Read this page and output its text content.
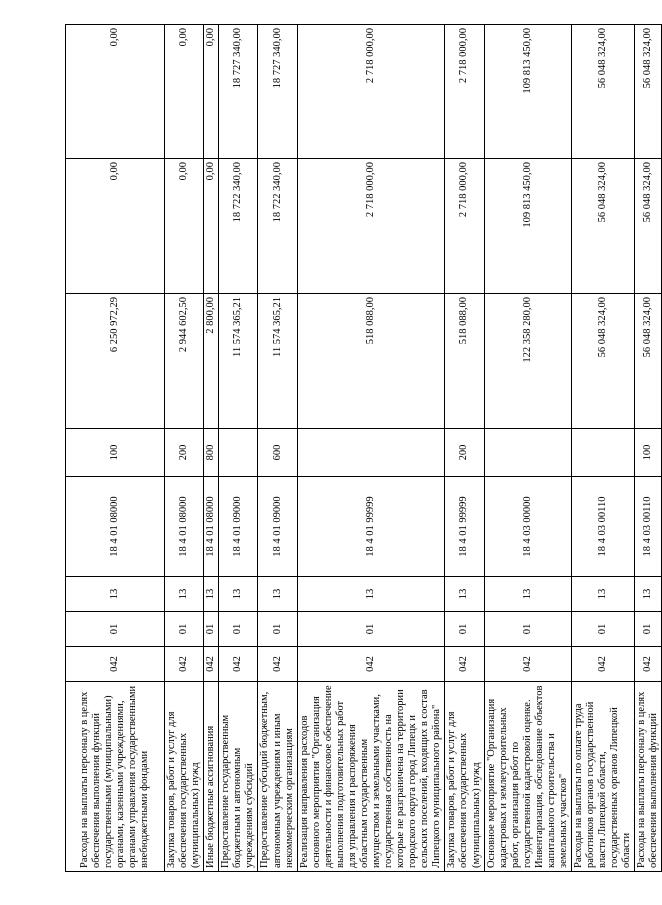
Расходы на выплаты персоналу в целях обеспечения выполнения функций государственными (муниципальными) органами, казенными учреждениями, органами управления государственными внебюджетными фондами	042	01	13	18 4 01 08000	100	6 250 972,29	0,00	0,00
Закупка товаров, работ и услуг для обеспечения государственных (муниципальных) нужд	042	01	13	18 4 01 08000	200	2 944 602,50	0,00	0,00
Иные бюджетные ассигнования	042	01	13	18 4 01 08000	800	2 800,00	0,00	0,00
Предоставление государственным бюджетным и автономным учреждениям субсидий	042	01	13	18 4 01 09000		11 574 365,21	18 722 340,00	18 727 340,00
Предоставление субсидий бюджетным, автономным учреждениям и иным некоммерческим организациям	042	01	13	18 4 01 09000	600	11 574 365,21	18 722 340,00	18 727 340,00
Реализация направления расходов основного мероприятия "Организация деятельности и финансовое обеспечение выполнения подготовительных работ для управления и распоряжения областным государственным имуществом и земельными участками, государственная собственность на которые не разграничена на территории городского округа город Липецк и сельских поселений, входящих в состав Липецкого муниципального района"	042	01	13	18 4 01 99999		518 088,00	2 718 000,00	2 718 000,00
Закупка товаров, работ и услуг для обеспечения государственных (муниципальных) нужд	042	01	13	18 4 01 99999	200	518 088,00	2 718 000,00	2 718 000,00
Основное мероприятие "Организация кадастровых и землеустроительных работ, организация работ по государственной кадастровой оценке. Инвентаризация, обследование объектов капитального строительства и земельных участков"	042	01	13	18 4 03 00000		122 358 280,00	109 813 450,00	109 813 450,00
Расходы на выплаты по оплате труда работников органов государственной власти Липецкой области, государственных органов Липецкой области	042	01	13	18 4 03 00110		56 048 324,00	56 048 324,00	56 048 324,00
Расходы на выплаты персоналу в целях обеспечения выполнения функций	042	01	13	18 4 03 00110	100	56 048 324,00	56 048 324,00	56 048 324,00
